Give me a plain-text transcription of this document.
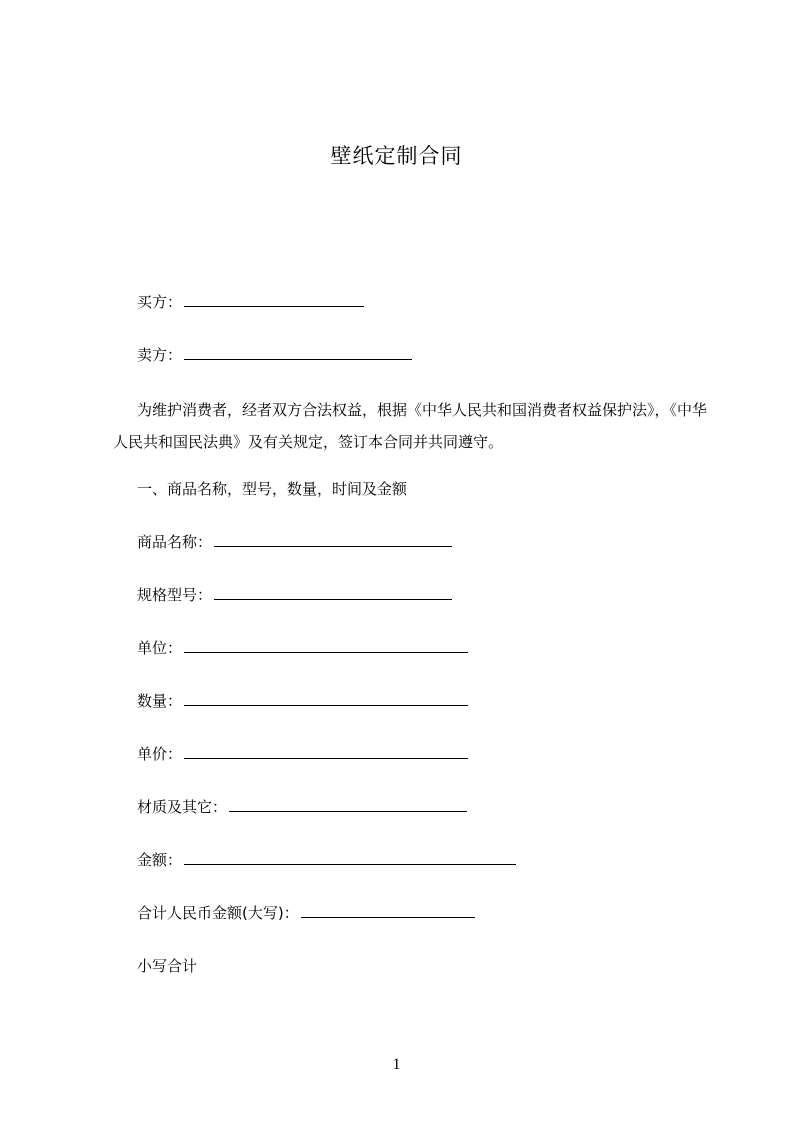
壁纸定制合同
买方：
卖方：
为维护消费者，经者双方合法权益，根据《中华人民共和国消费者权益保护法》，《中华人民共和国民法典》及有关规定，签订本合同并共同遵守。
一、商品名称，型号，数量，时间及金额
商品名称：
规格型号：
单位：
数量：
单价：
材质及其它：
金额：
合计人民币金额(大写)：
小写合计
1
